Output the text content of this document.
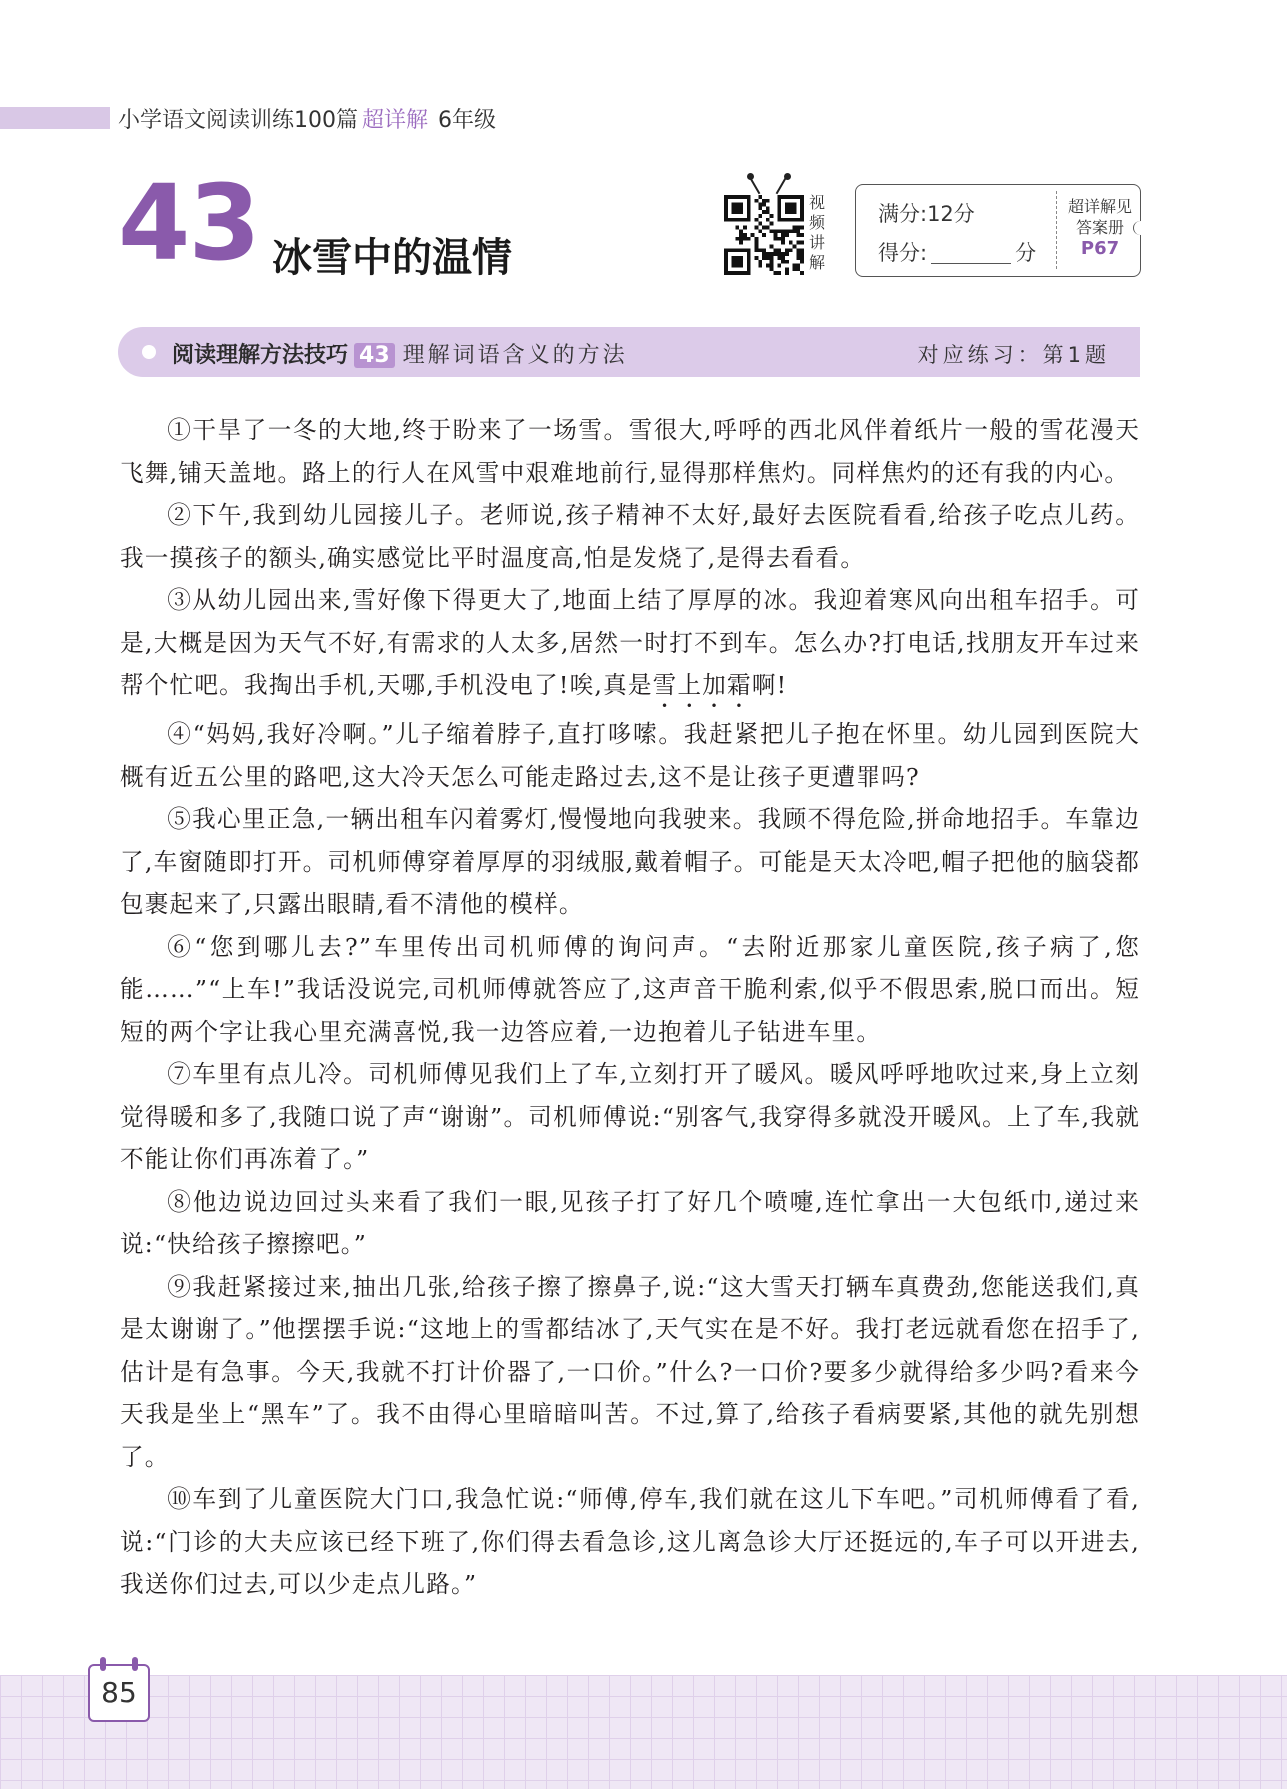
小学语文阅读训练100篇 超详解 6年级
43 冰雪中的温情
视
频
讲
解
满分:12分
得分:	分
超详解见
答案册
P67
阅读理解方法技巧 43 理解词语含义的方法	对应练习：第1题

①干旱了一冬的大地,终于盼来了一场雪。雪很大,呼呼的西北风伴着纸片一般的雪花漫天飞舞,铺天盖地。路上的行人在风雪中艰难地前行,显得那样焦灼。同样焦灼的还有我的内心。

②下午,我到幼儿园接儿子。老师说,孩子精神不太好,最好去医院看看,给孩子吃点儿药。我一摸孩子的额头,确实感觉比平时温度高,怕是发烧了,是得去看看。

③从幼儿园出来,雪好像下得更大了,地面上结了厚厚的冰。我迎着寒风向出租车招手。可是,大概是因为天气不好,有需求的人太多,居然一时打不到车。怎么办?打电话,找朋友开车过来帮个忙吧。我掏出手机,天哪,手机没电了!唉,真是雪上加霜啊!

④“妈妈,我好冷啊。”儿子缩着脖子,直打哆嗦。我赶紧把儿子抱在怀里。幼儿园到医院大概有近五公里的路吧,这大冷天怎么可能走路过去,这不是让孩子更遭罪吗?

⑤我心里正急,一辆出租车闪着雾灯,慢慢地向我驶来。我顾不得危险,拼命地招手。车靠边了,车窗随即打开。司机师傅穿着厚厚的羽绒服,戴着帽子。可能是天太冷吧,帽子把他的脑袋都包裹起来了,只露出眼睛,看不清他的模样。

⑥“您到哪儿去?”车里传出司机师傅的询问声。“去附近那家儿童医院,孩子病了,您能……”“上车!”我话没说完,司机师傅就答应了,这声音干脆利索,似乎不假思索,脱口而出。短短的两个字让我心里充满喜悦,我一边答应着,一边抱着儿子钻进车里。

⑦车里有点儿冷。司机师傅见我们上了车,立刻打开了暖风。暖风呼呼地吹过来,身上立刻觉得暖和多了,我随口说了声“谢谢”。司机师傅说:“别客气,我穿得多就没开暖风。上了车,我就不能让你们再冻着了。”

⑧他边说边回过头来看了我们一眼,见孩子打了好几个喷嚏,连忙拿出一大包纸巾,递过来说:“快给孩子擦擦吧。”

⑨我赶紧接过来,抽出几张,给孩子擦了擦鼻子,说:“这大雪天打辆车真费劲,您能送我们,真是太谢谢了。”他摆摆手说:“这地上的雪都结冰了,天气实在是不好。我打老远就看您在招手了,估计是有急事。今天,我就不打计价器了,一口价。”什么?一口价?要多少就得给多少吗?看来今天我是坐上“黑车”了。我不由得心里暗暗叫苦。不过,算了,给孩子看病要紧,其他的就先别想了。

⑩车到了儿童医院大门口,我急忙说:“师傅,停车,我们就在这儿下车吧。”司机师傅看了看,说:“门诊的大夫应该已经下班了,你们得去看急诊,这儿离急诊大厅还挺远的,车子可以开进去,我送你们过去,可以少走点儿路。”

85
